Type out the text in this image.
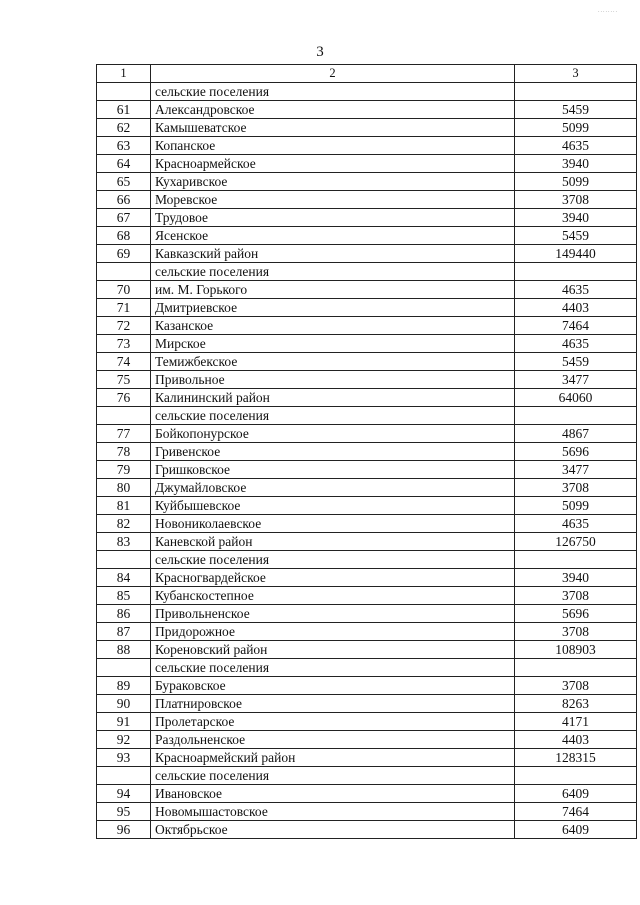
........
3
1	2	3
	сельские поселения	
61	Александровское	5459
62	Камышеватское	5099
63	Копанское	4635
64	Красноармейское	3940
65	Кухаривское	5099
66	Моревское	3708
67	Трудовое	3940
68	Ясенское	5459
69	Кавказский район	149440
	сельские поселения	
70	им. М. Горького	4635
71	Дмитриевское	4403
72	Казанское	7464
73	Мирское	4635
74	Темижбекское	5459
75	Привольное	3477
76	Калининский район	64060
	сельские поселения	
77	Бойкопонурское	4867
78	Гривенское	5696
79	Гришковское	3477
80	Джумайловское	3708
81	Куйбышевское	5099
82	Новониколаевское	4635
83	Каневской район	126750
	сельские поселения	
84	Красногвардейское	3940
85	Кубанскостепное	3708
86	Привольненское	5696
87	Придорожное	3708
88	Кореновский район	108903
	сельские поселения	
89	Бураковское	3708
90	Платнировское	8263
91	Пролетарское	4171
92	Раздольненское	4403
93	Красноармейский район	128315
	сельские поселения	
94	Ивановское	6409
95	Новомышастовское	7464
96	Октябрьское	6409
